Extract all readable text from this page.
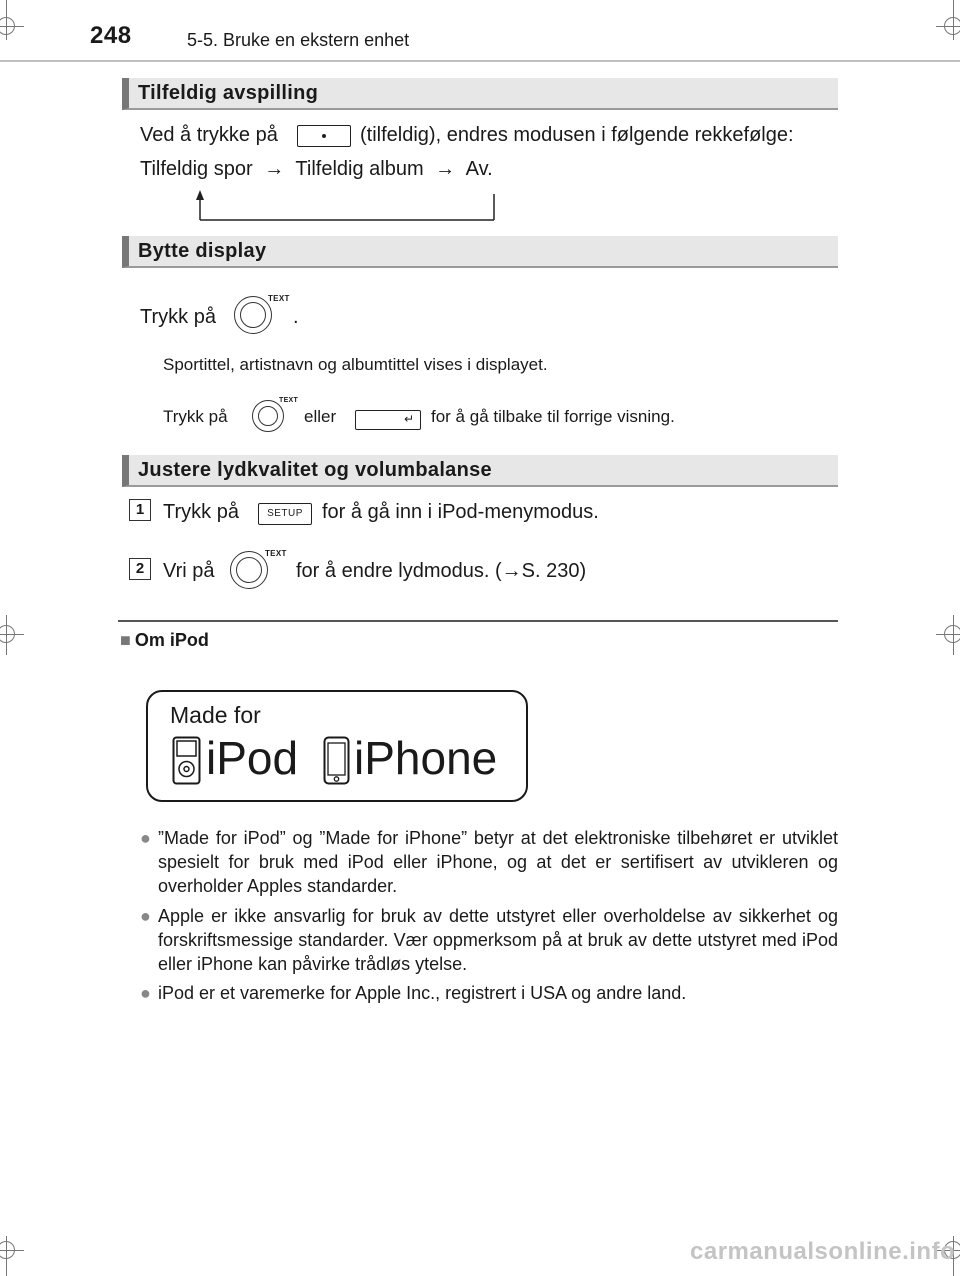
248	5-5. Bruke en ekstern enhet
Tilfeldig avspilling
Ved å trykke på	(tilfeldig), endres modusen i følgende rekkefølge:
Tilfeldig spor → Tilfeldig album → Av.
Bytte display
Trykk på
TEXT
.
Sportittel, artistnavn og albumtittel vises i displayet.
Trykk på
TEXT
eller	↵	for å gå tilbake til forrige visning.
Justere lydkvalitet og volumbalanse
1 Trykk på	SETUP for å gå inn i iPod-menymodus.
2 Vri på
TEXT
for å endre lydmodus. (→S. 230)
■ Om iPod
Made for
iPod iPhone
● ”Made for iPod” og ”Made for iPhone” betyr at det elektroniske tilbehøret er utviklet spesielt for bruk med iPod eller iPhone, og at det er sertifisert av utvikleren og overholder Apples standarder.
● Apple er ikke ansvarlig for bruk av dette utstyret eller overholdelse av sikkerhet og forskriftsmessige standarder. Vær oppmerksom på at bruk av dette utstyret med iPod eller iPhone kan påvirke trådløs ytelse.
● iPod er et varemerke for Apple Inc., registrert i USA og andre land.
carmanualsonline.info
